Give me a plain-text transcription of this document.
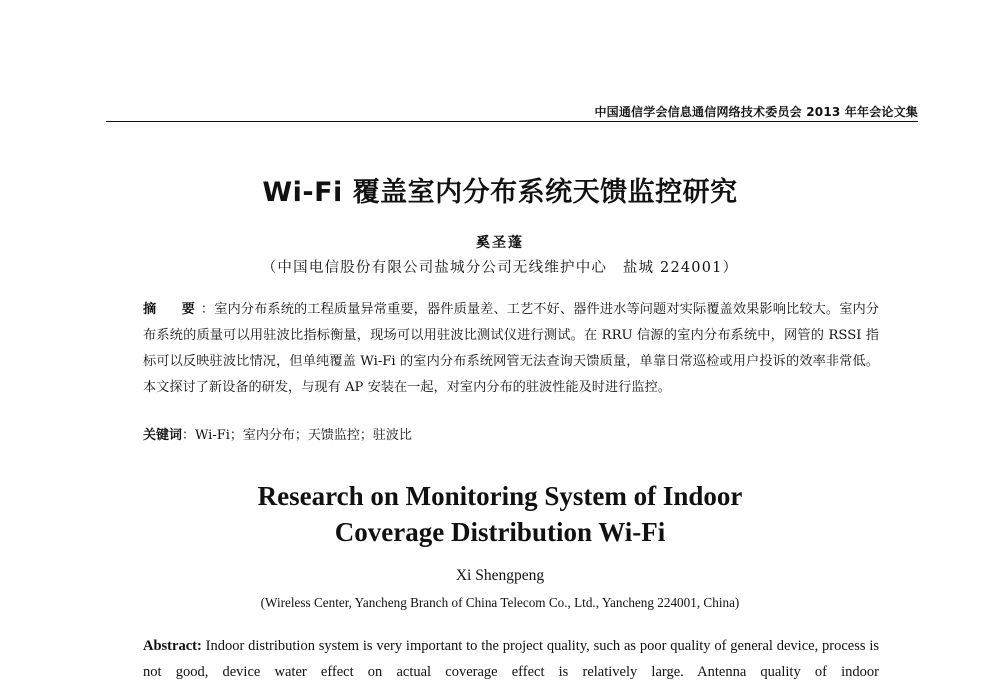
中国通信学会信息通信网络技术委员会 2013 年年会论文集
Wi-Fi 覆盖室内分布系统天馈监控研究
奚圣蓬
（中国电信股份有限公司盐城分公司无线维护中心　盐城 224001）
摘　要：室内分布系统的工程质量异常重要，器件质量差、工艺不好、器件进水等问题对实际覆盖效果影响比较大。室内分布系统的质量可以用驻波比指标衡量，现场可以用驻波比测试仪进行测试。在 RRU 信源的室内分布系统中，网管的 RSSI 指标可以反映驻波比情况，但单纯覆盖 Wi-Fi 的室内分布系统网管无法查询天馈质量，单靠日常巡检或用户投诉的效率非常低。本文探讨了新设备的研发，与现有 AP 安装在一起，对室内分布的驻波性能及时进行监控。
关键词：Wi-Fi；室内分布；天馈监控；驻波比
Research on Monitoring System of Indoor
Coverage Distribution Wi-Fi
Xi Shengpeng
(Wireless Center, Yancheng Branch of China Telecom Co., Ltd., Yancheng 224001, China)
Abstract: Indoor distribution system is very important to the project quality, such as poor quality of general device, process is not good, device water effect on actual coverage effect is relatively large. Antenna quality of indoor
